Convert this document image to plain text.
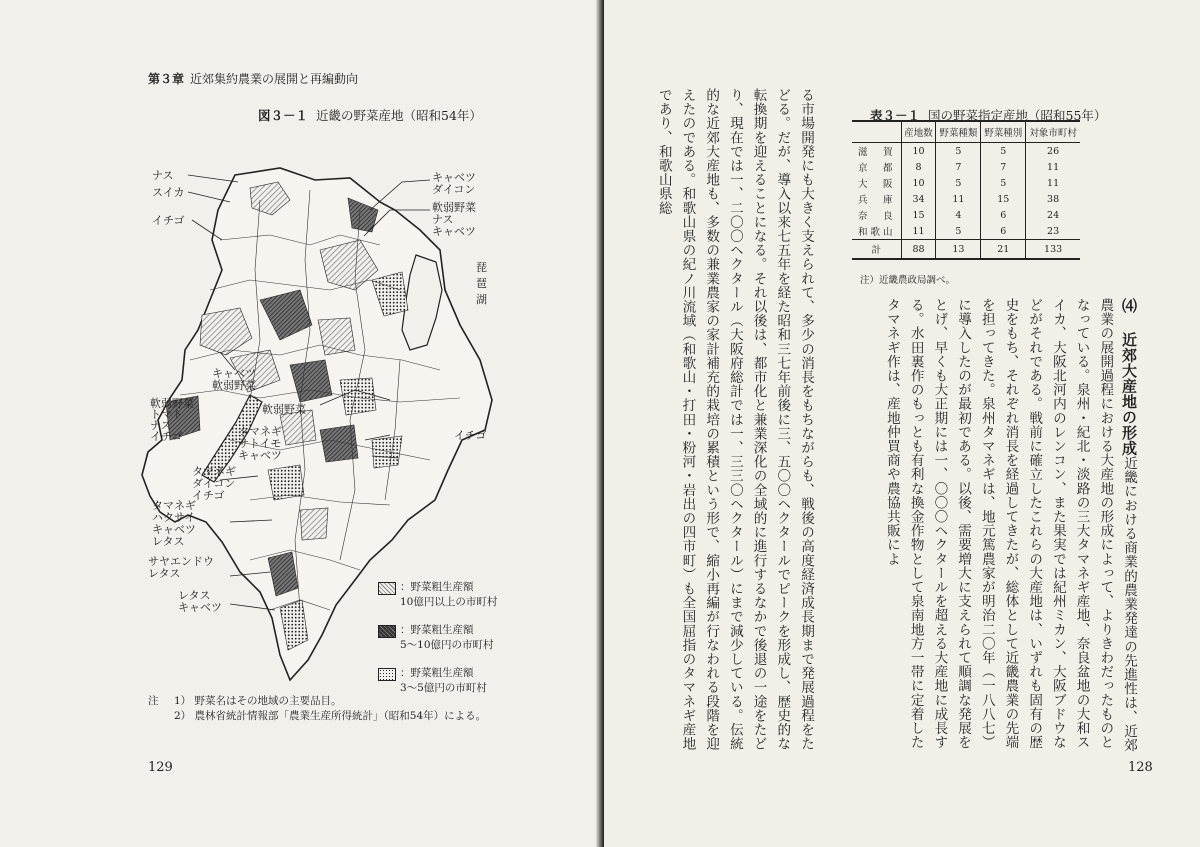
第３章 近郊集約農業の展開と再編動向
図３－１ 近畿の野菜産地（昭和54年）
ナス
スイカ
イチゴ
キャベツ
ダイコン
軟弱野菜
ナス
キャベツ
琵琶湖
キャベツ
軟弱野菜
軟弱野菜
トマト
ナス
イチゴ
軟弱野菜
タマネギ
サトイモ
キャベツ
イチゴ
タマネギ
ダイコン
イチゴ
タマネギ
ハクサイ
キャベツ
レタス
サヤエンドウ
レタス
レタス
キャベツ
：野菜粗生産額
10億円以上の市町村
：野菜粗生産額
5～10億円の市町村
：野菜粗生産額
3～5億円の市町村
注 1） 野菜名はその地域の主要品目。
2） 農林省統計情報部「農業生産所得統計」（昭和54年）による。
129
表３－１ 国の野菜指定産地（昭和55年）
	産地数	野菜種類	野菜種別	対象市町村
滋賀	10	5	5	26
京都	8	7	7	11
大阪	10	5	5	11
兵庫	34	11	15	38
奈良	15	4	6	24
和歌山	11	5	6	23
計	88	13	21	133
注）近畿農政局調べ。
⑷ 近郊大産地の形成近畿における商業的農業発達の先進性は、近郊農業の展開過程における大産地の形成によって、よりきわだったものとなっている。泉州・紀北・淡路の三大タマネギ産地、奈良盆地の大和スイカ、大阪北河内のレンコン、また果実では紀州ミカン、大阪ブドウなどがそれである。戦前に確立したこれらの大産地は、いずれも固有の歴史をもち、それぞれ消長を経過してきたが、総体として近畿農業の先端を担ってきた。泉州タマネギは、地元篤農家が明治二〇年（一八八七）に導入したのが最初である。以後、需要増大に支えられて順調な発展をとげ、早くも大正期には一、〇〇〇ヘクタールを超える大産地に成長する。水田裏作のもっとも有利な換金作物として泉南地方一帯に定着したタマネギ作は、産地仲買商や農協共販によ
る市場開発にも大きく支えられて、多少の消長をもちながらも、戦後の高度経済成長期まで発展過程をたどる。だが、導入以来七五年を経た昭和三七年前後に三、五〇〇ヘクタールでピークを形成し、歴史的な転換期を迎えることになる。それ以後は、都市化と兼業深化の全域的に進行するなかで後退の一途をたどり、現在では一、二〇〇ヘクタール（大阪府総計では一、三三〇ヘクタール）にまで減少している。伝統的な近郊大産地も、多数の兼業農家の家計補充的栽培の累積という形で、縮小再編が行なわれる段階を迎えたのである。和歌山県の紀ノ川流域（和歌山・打田・粉河・岩出の四市町）も全国屈指のタマネギ産地であり、和歌山県総
128
